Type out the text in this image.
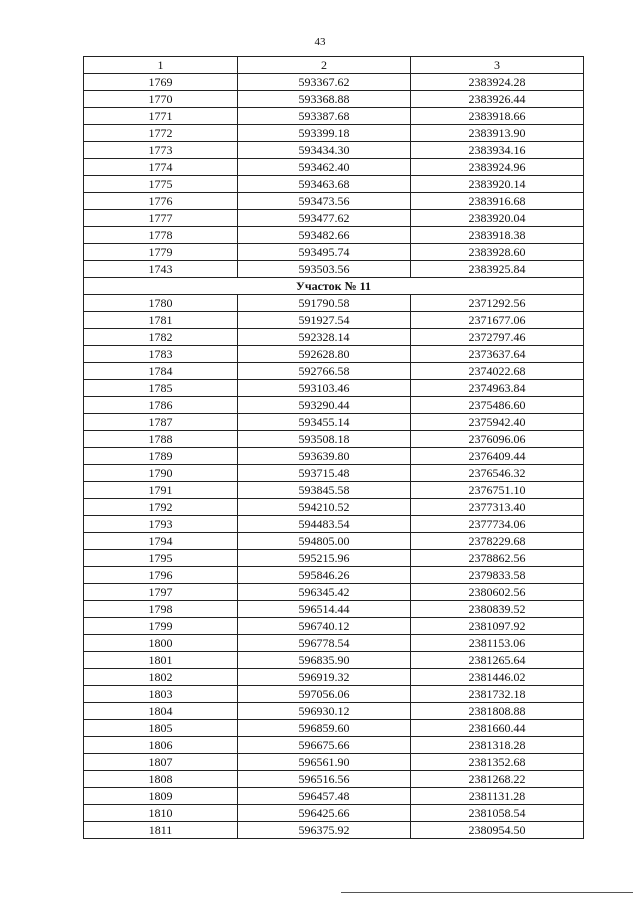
43
1	2	3
1769	593367.62	2383924.28
1770	593368.88	2383926.44
1771	593387.68	2383918.66
1772	593399.18	2383913.90
1773	593434.30	2383934.16
1774	593462.40	2383924.96
1775	593463.68	2383920.14
1776	593473.56	2383916.68
1777	593477.62	2383920.04
1778	593482.66	2383918.38
1779	593495.74	2383928.60
1743	593503.56	2383925.84
Участок № 11		
1780	591790.58	2371292.56
1781	591927.54	2371677.06
1782	592328.14	2372797.46
1783	592628.80	2373637.64
1784	592766.58	2374022.68
1785	593103.46	2374963.84
1786	593290.44	2375486.60
1787	593455.14	2375942.40
1788	593508.18	2376096.06
1789	593639.80	2376409.44
1790	593715.48	2376546.32
1791	593845.58	2376751.10
1792	594210.52	2377313.40
1793	594483.54	2377734.06
1794	594805.00	2378229.68
1795	595215.96	2378862.56
1796	595846.26	2379833.58
1797	596345.42	2380602.56
1798	596514.44	2380839.52
1799	596740.12	2381097.92
1800	596778.54	2381153.06
1801	596835.90	2381265.64
1802	596919.32	2381446.02
1803	597056.06	2381732.18
1804	596930.12	2381808.88
1805	596859.60	2381660.44
1806	596675.66	2381318.28
1807	596561.90	2381352.68
1808	596516.56	2381268.22
1809	596457.48	2381131.28
1810	596425.66	2381058.54
1811	596375.92	2380954.50
